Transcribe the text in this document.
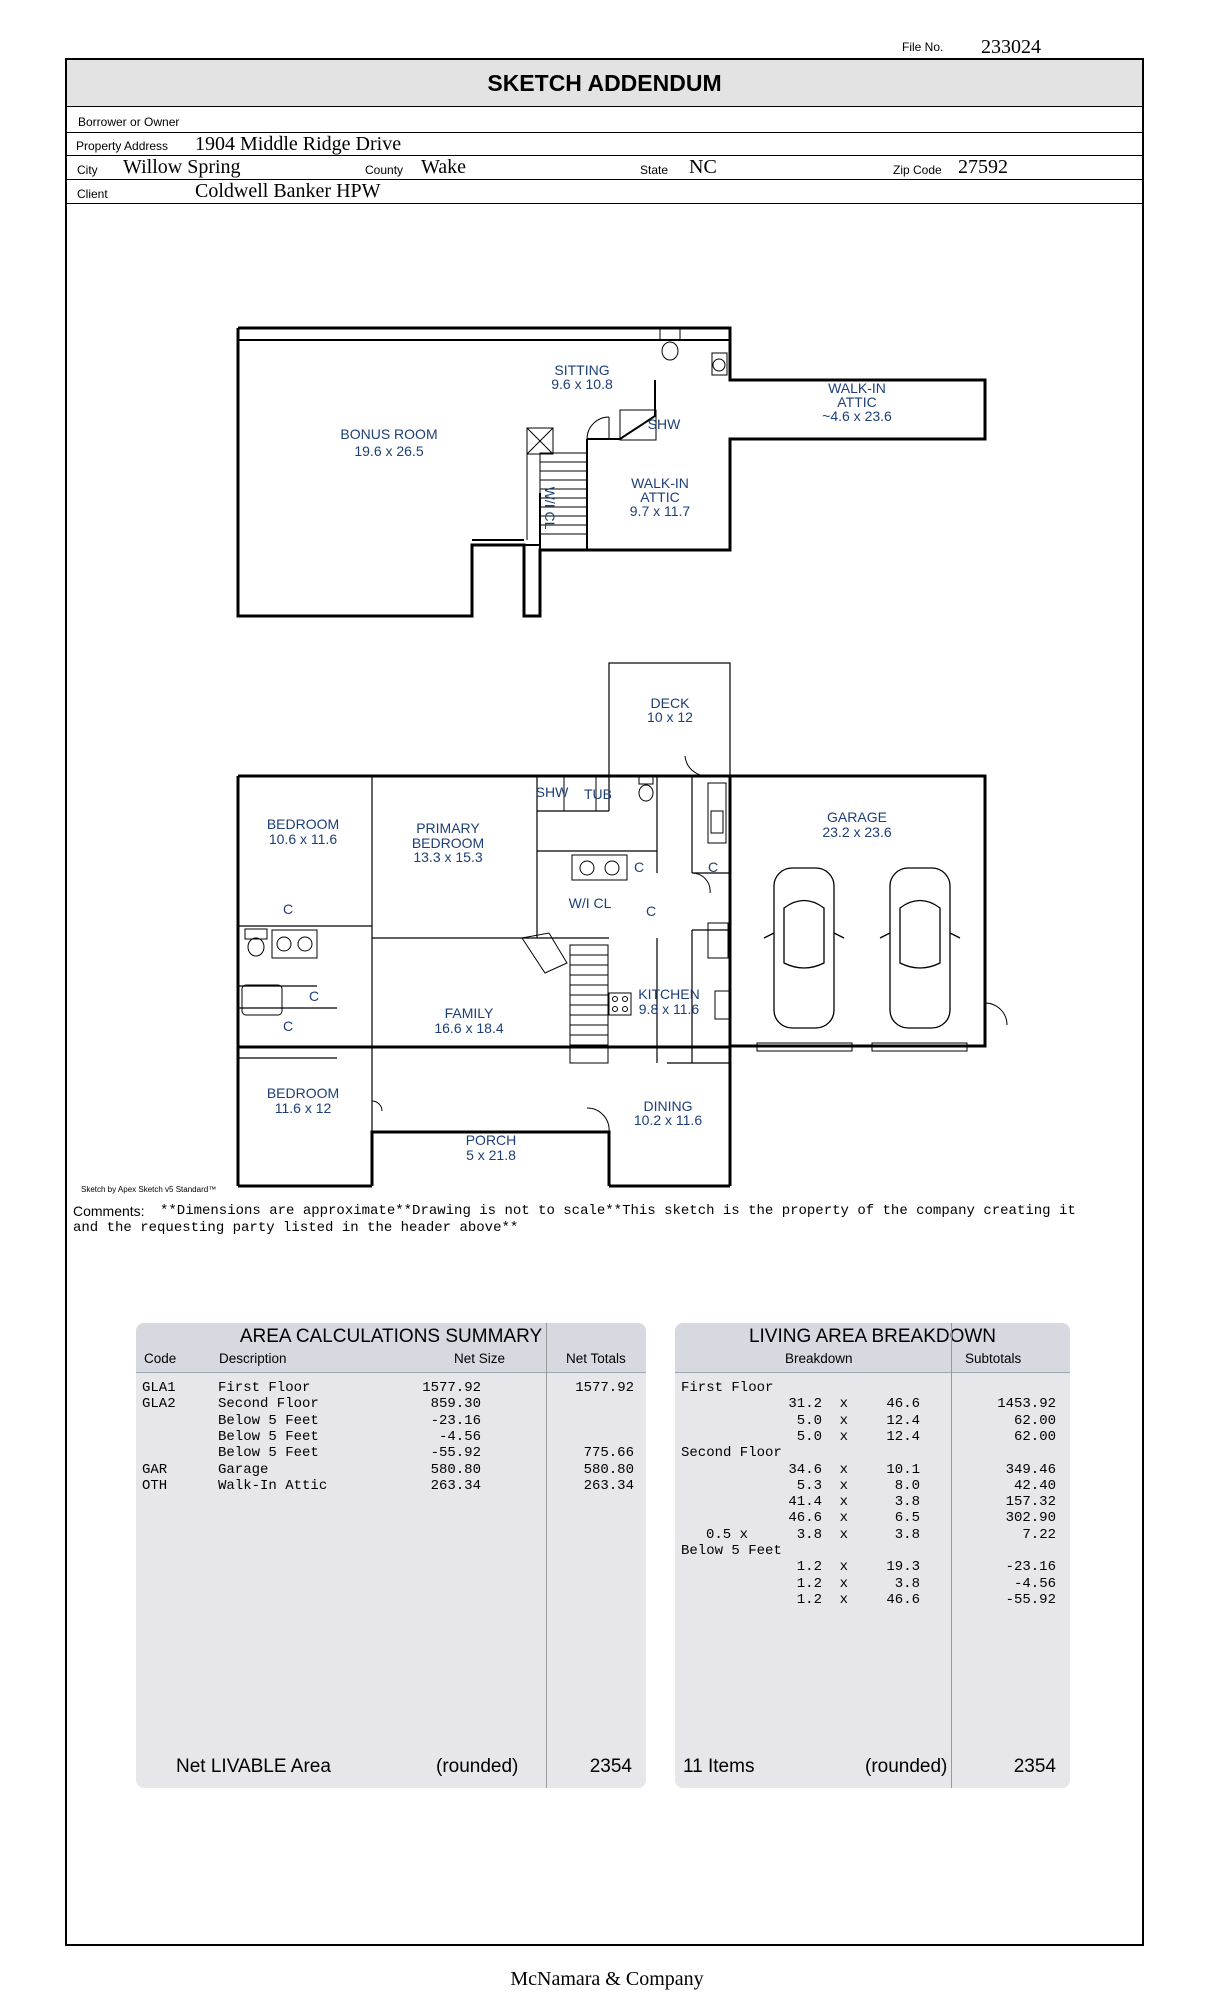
File No. 233024
SKETCH ADDENDUM
Borrower or Owner
Property Address 1904 Middle Ridge Drive
City Willow Spring	County Wake	State NC	Zip Code 27592
Client	Coldwell Banker HPW
SITTING 9.6 x 10.8
SHW
WALK-IN ATTIC ~4.6 x 23.6
BONUS ROOM 19.6 x 26.5
W/I CL
WALK-IN ATTIC 9.7 x 11.7
DECK 10 x 12
BEDROOM 10.6 x 11.6
PRIMARY BEDROOM 13.3 x 15.3
SHW TUB
GARAGE 23.2 x 23.6
C	C
C
C
C
C
W/I CL
FAMILY 16.6 x 18.4
KITCHEN 9.8 x 11.6
BEDROOM 11.6 x 12	DINING 10.2 x 11.6
PORCH 5 x 21.8
Sketch by Apex Sketch v5 Standard™
Comments: **Dimensions are approximate**Drawing is not to scale**This sketch is the property of the company creating it
and the requesting party listed in the header above**
AREA CALCULATIONS SUMMARY
Code	Description	Net Size	Net Totals
GLA1	First Floor	1577.92	1577.92
GLA2	Second Floor	859.30
Below 5 Feet	-23.16
Below 5 Feet	-4.56
Below 5 Feet	-55.92	775.66
GAR	Garage	580.80	580.80
OTH	Walk-In Attic	263.34	263.34
Net LIVABLE Area	(rounded)	2354
LIVING AREA BREAKDOWN
Breakdown	Subtotals
First Floor
31.2 x	46.6	1453.92
5.0 x	12.4	62.00
5.0 x	12.4	62.00
Second Floor
34.6 x	10.1	349.46
5.3 x	8.0	42.40
41.4 x	3.8	157.32
46.6 x	6.5	302.90
0.5 x	3.8 x	3.8	7.22
Below 5 Feet
1.2 x	19.3	-23.16
1.2 x	3.8	-4.56
1.2 x	46.6	-55.92
11 Items	(rounded)	2354
McNamara & Company
